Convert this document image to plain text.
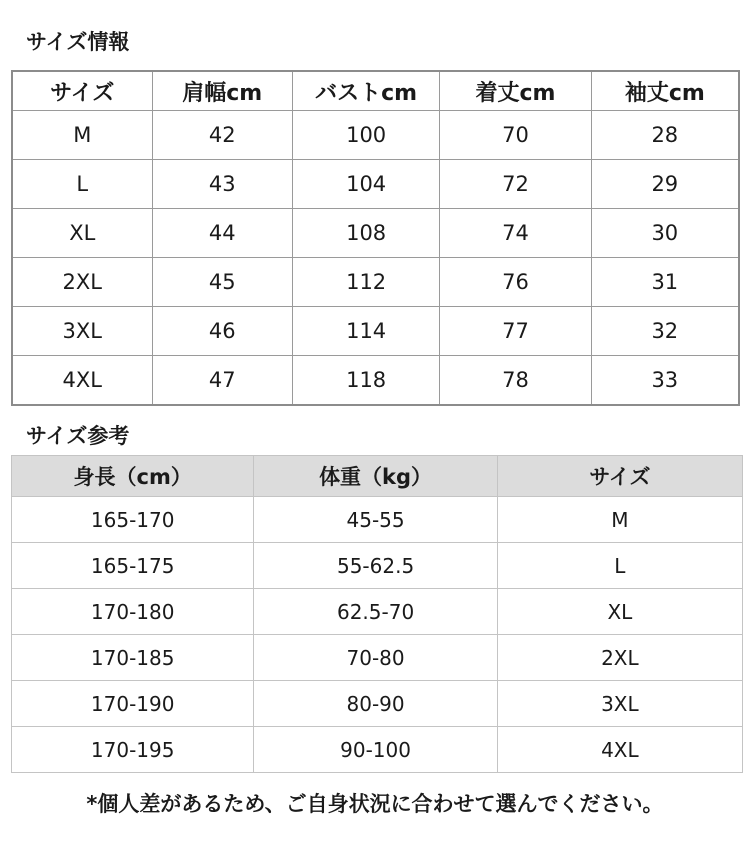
サイズ情報
サイズ	肩幅cm	バストcm	着丈cm	袖丈cm
M	42	100	70	28
L	43	104	72	29
XL	44	108	74	30
2XL	45	112	76	31
3XL	46	114	77	32
4XL	47	118	78	33
サイズ参考
身長（cm）	体重（kg）	サイズ
165-170	45-55	M
165-175	55-62.5	L
170-180	62.5-70	XL
170-185	70-80	2XL
170-190	80-90	3XL
170-195	90-100	4XL

*個人差があるため、ご自身状況に合わせて選んでください。
